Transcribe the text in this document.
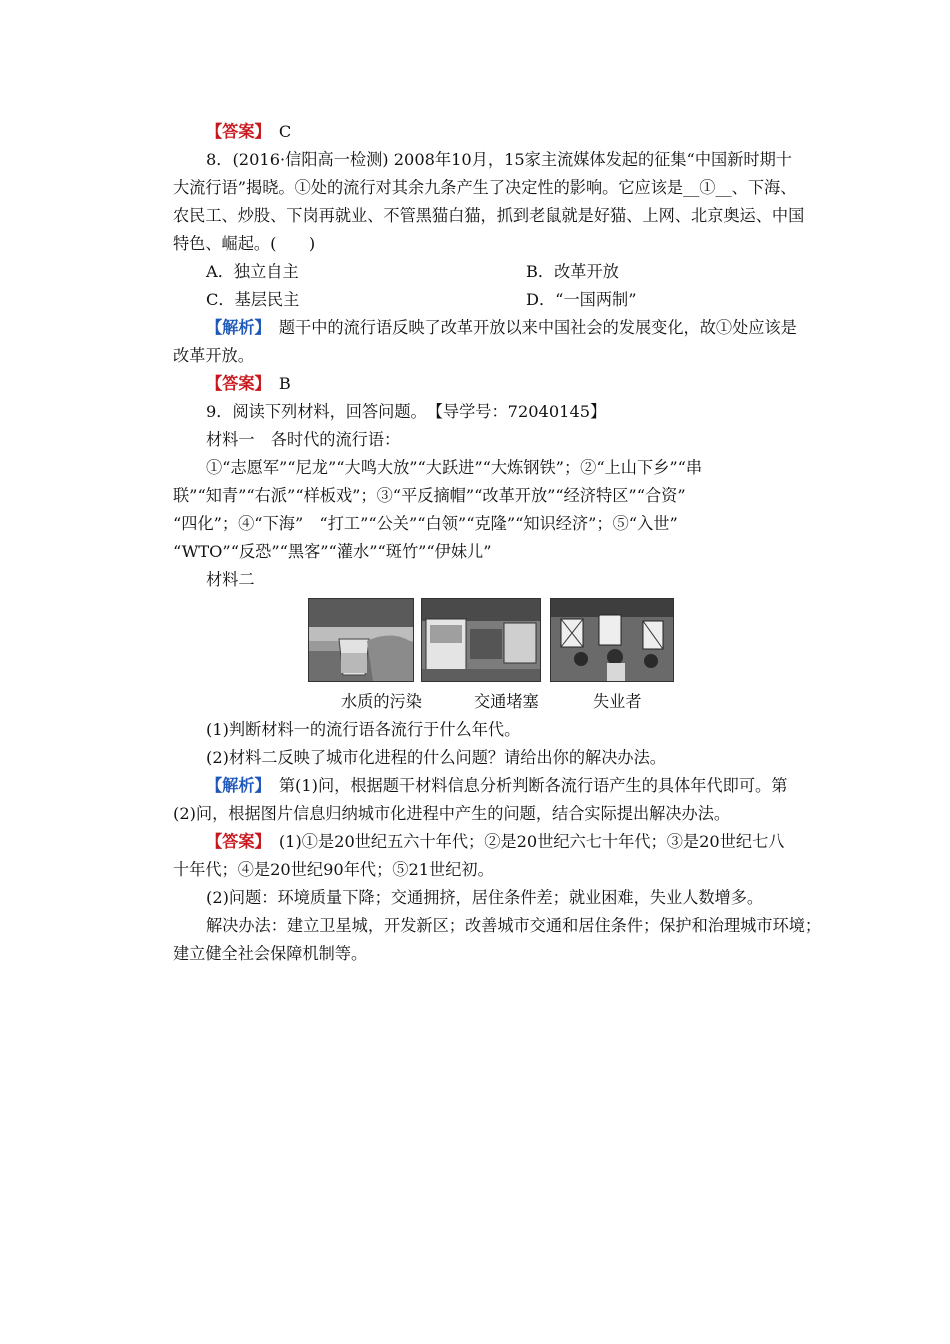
【答案】　 C
8．(2016·信阳高一检测) 2008年10月，15家主流媒体发起的征集“中国新时期十
大流行语”揭晓。①处的流行对其余九条产生了决定性的影响。它应该是__①__、下海、
农民工、炒股、下岗再就业、不管黑猫白猫，抓到老鼠就是好猫、上网、北京奥运、中国
特色、崛起。(　　)
A．独立自主	B．改革开放
C．基层民主	D．“一国两制”
【解析】　 题干中的流行语反映了改革开放以来中国社会的发展变化，故①处应该是
改革开放。
【答案】　 B
9．阅读下列材料，回答问题。　【导学号：72040145】
材料一　各时代的流行语：
①“志愿军”“尼龙”“大鸣大放”“大跃进”“大炼钢铁”；②“上山下乡”“串
联”“知青”“右派”“样板戏”；③“平反摘帽”“改革开放”“经济特区”“合资”
“四化”；④“下海”　“打工”“公关”“白领”“克隆”“知识经济”；⑤“入世”
“WTO”“反恐”“黑客”“灌水”“斑竹”“伊妹儿”
材料二
水质的污染	交通堵塞	失业者
(1)判断材料一的流行语各流行于什么年代。
(2)材料二反映了城市化进程的什么问题？请给出你的解决办法。
【解析】　 第(1)问，根据题干材料信息分析判断各流行语产生的具体年代即可。第
(2)问，根据图片信息归纳城市化进程中产生的问题，结合实际提出解决办法。
【答案】　 (1)①是20世纪五六十年代；②是20世纪六七十年代；③是20世纪七八
十年代；④是20世纪90年代；⑤21世纪初。
(2)问题：环境质量下降；交通拥挤，居住条件差；就业困难，失业人数增多。
解决办法：建立卫星城，开发新区；改善城市交通和居住条件；保护和治理城市环境；
建立健全社会保障机制等。
